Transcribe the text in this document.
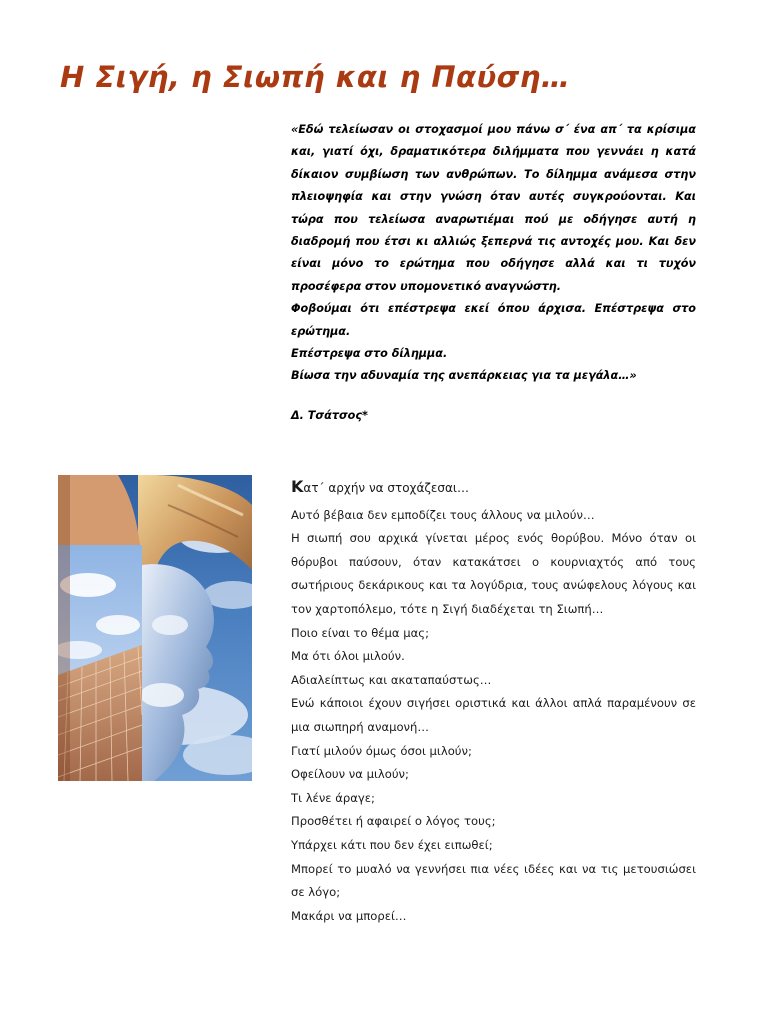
Η Σιγή, η Σιωπή και η Παύση…

«Εδώ τελείωσαν οι στοχασμοί μου πάνω σ΄ ένα απ΄ τα κρίσιμα και, γιατί όχι, δραματικότερα διλήμματα που γεννάει η κατά δίκαιον συμβίωση των ανθρώπων. Το δίλημμα ανάμεσα στην πλειοψηφία και στην γνώση όταν αυτές συγκρούονται. Και τώρα που τελείωσα αναρωτιέμαι πού με οδήγησε αυτή η διαδρομή που έτσι κι αλλιώς ξεπερνά τις αντοχές μου. Και δεν είναι μόνο το ερώτημα που οδήγησε αλλά και τι τυχόν προσέφερα στον υπομονετικό αναγνώστη.

Φοβούμαι ότι επέστρεψα εκεί όπου άρχισα. Επέστρεψα στο ερώτημα.

Επέστρεψα στο δίλημμα.

Βίωσα την αδυναμία της ανεπάρκειας για τα μεγάλα…»

Δ. Τσάτσος*

Κατ΄ αρχήν να στοχάζεσαι…

Αυτό βέβαια δεν εμποδίζει τους άλλους να μιλούν…

Η σιωπή σου αρχικά γίνεται μέρος ενός θορύβου. Μόνο όταν οι θόρυβοι παύσουν, όταν κατακάτσει ο κουρνιαχτός από τους σωτήριους δεκάρικους και τα λογύδρια, τους ανώφελους λόγους και τον χαρτοπόλεμο, τότε η Σιγή διαδέχεται τη Σιωπή…

Ποιο είναι το θέμα μας;

Μα ότι όλοι μιλούν.

Αδιαλείπτως και ακαταπαύστως…

Ενώ κάποιοι έχουν σιγήσει οριστικά και άλλοι απλά παραμένουν σε μια σιωπηρή αναμονή…

Γιατί μιλούν όμως όσοι μιλούν;

Οφείλουν να μιλούν;

Τι λένε άραγε;

Προσθέτει ή αφαιρεί ο λόγος τους;

Υπάρχει κάτι που δεν έχει ειπωθεί;

Μπορεί το μυαλό να γεννήσει πια νέες ιδέες και να τις μετουσιώσει σε λόγο;

Μακάρι να μπορεί…
